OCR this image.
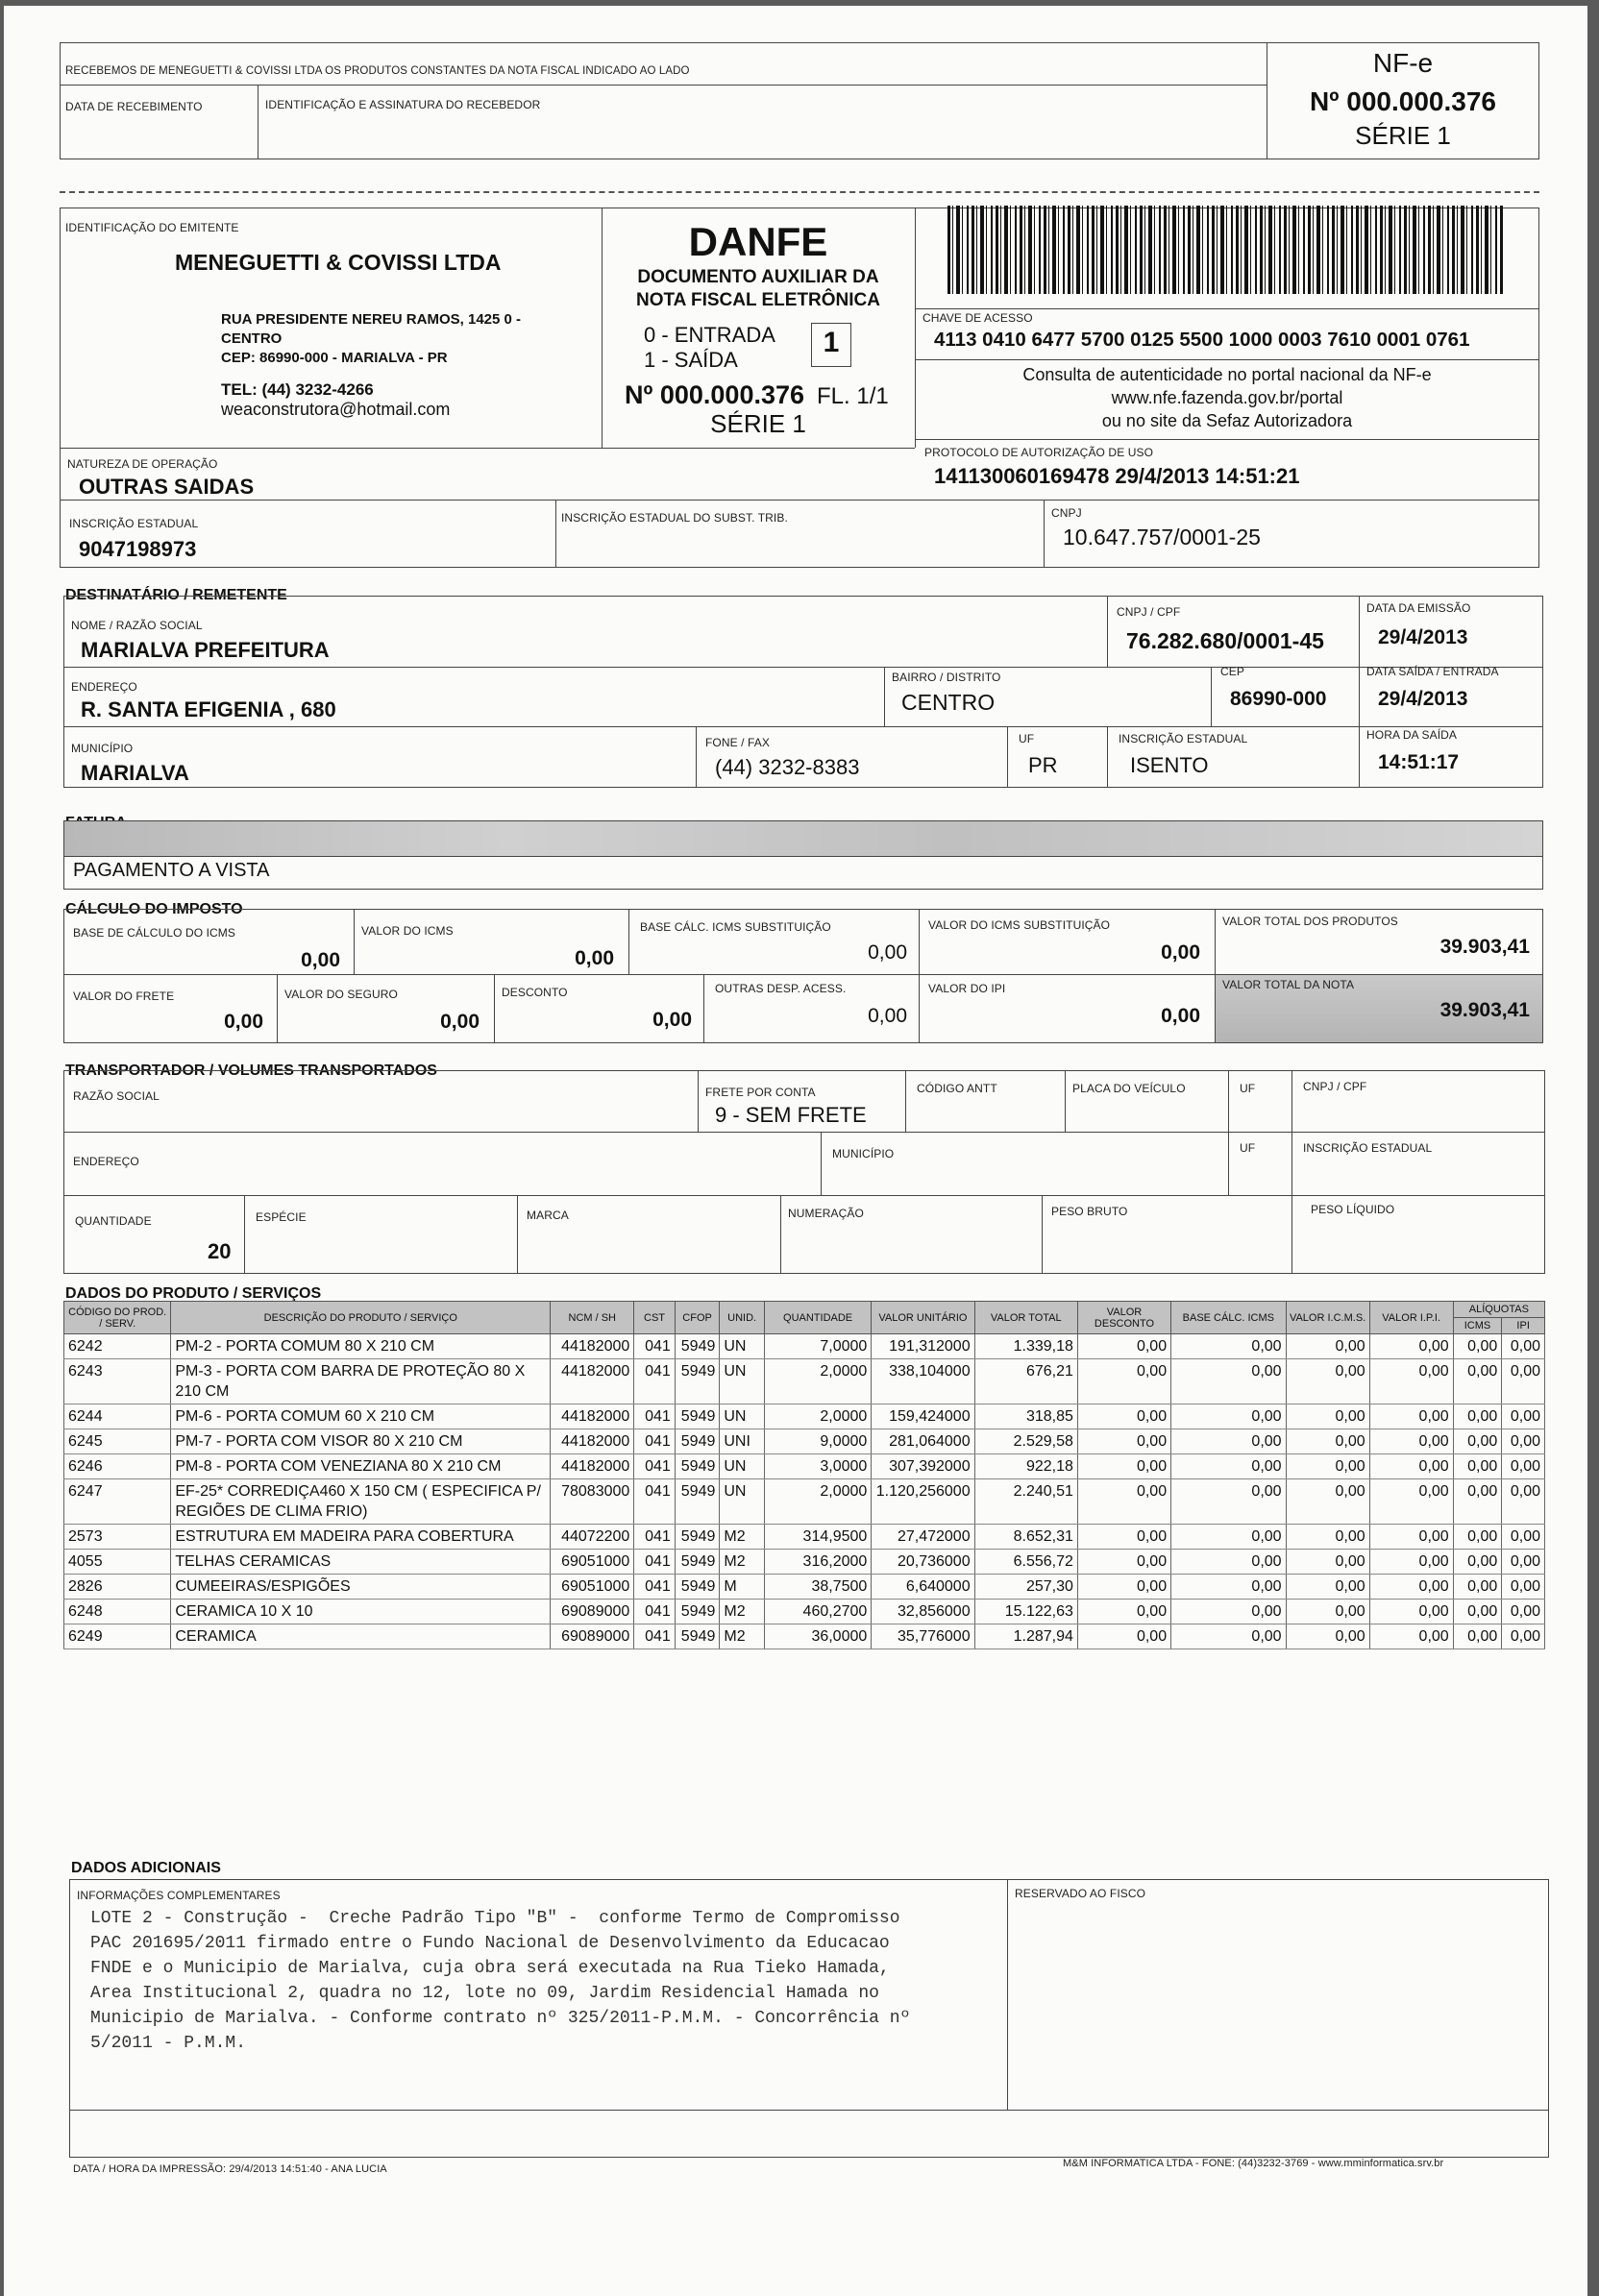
RECEBEMOS DE MENEGUETTI & COVISSI LTDA OS PRODUTOS CONSTANTES DA NOTA FISCAL INDICADO AO LADO
DATA DE RECEBIMENTO	IDENTIFICAÇÃO E ASSINATURA DO RECEBEDOR
NF-e
Nº 000.000.376
SÉRIE 1
IDENTIFICAÇÃO DO EMITENTE
MENEGUETTI & COVISSI LTDA
RUA PRESIDENTE NEREU RAMOS, 1425 0 -
CENTRO
CEP: 86990-000 - MARIALVA - PR
TEL: (44) 3232-4266
weaconstrutora@hotmail.com
DANFE
DOCUMENTO AUXILIAR DA
NOTA FISCAL ELETRÔNICA
0 - ENTRADA
1 - SAÍDA
1
Nº 000.000.376 FL. 1/1
SÉRIE 1
CHAVE DE ACESSO
4113 0410 6477 5700 0125 5500 1000 0003 7610 0001 0761
Consulta de autenticidade no portal nacional da NF-e
www.nfe.fazenda.gov.br/portal
ou no site da Sefaz Autorizadora
NATUREZA DE OPERAÇÃO
OUTRAS SAIDAS
PROTOCOLO DE AUTORIZAÇÃO DE USO
141130060169478 29/4/2013 14:51:21
INSCRIÇÃO ESTADUAL
9047198973
INSCRIÇÃO ESTADUAL DO SUBST. TRIB.	CNPJ
10.647.757/0001-25
DESTINATÁRIO / REMETENTE
NOME / RAZÃO SOCIAL
MARIALVA PREFEITURA
CNPJ / CPF
76.282.680/0001-45
DATA DA EMISSÃO
29/4/2013
ENDEREÇO
R. SANTA EFIGENIA , 680
BAIRRO / DISTRITO
CENTRO
CEP
86990-000
DATA SAÍDA / ENTRADA
29/4/2013
MUNICÍPIO
MARIALVA
FONE / FAX
(44) 3232-8383
UF
PR
INSCRIÇÃO ESTADUAL
ISENTO
HORA DA SAÍDA
14:51:17
PAGAMENTO A VISTA
CÁLCULO DO IMPOSTO
BASE DE CÁLCULO DO ICMS
0,00
VALOR DO ICMS
0,00
BASE CÁLC. ICMS SUBSTITUIÇÃO
0,00
VALOR DO ICMS SUBSTITUIÇÃO
0,00
VALOR TOTAL DOS PRODUTOS
39.903,41
VALOR DO FRETE
0,00
VALOR DO SEGURO
0,00
DESCONTO
0,00
OUTRAS DESP. ACESS.
0,00
VALOR DO IPI
0,00
VALOR TOTAL DA NOTA
39.903,41
TRANSPORTADOR / VOLUMES TRANSPORTADOS
RAZÃO SOCIAL	FRETE POR CONTA
9 - SEM FRETE
CÓDIGO ANTT	PLACA DO VEÍCULO	UF	CNPJ / CPF
ENDEREÇO
MUNICÍPIO	UF	INSCRIÇÃO ESTADUAL
QUANTIDADE
20
ESPÉCIE	MARCA	NUMERAÇÃO	PESO BRUTO	PESO LÍQUIDO
DADOS DO PRODUTO / SERVIÇOS
CÓDIGO DO PROD. / SERV.	DESCRIÇÃO DO PRODUTO / SERVIÇO	NCM / SH	CST	CFOP	UNID.	QUANTIDADE	VALOR UNITÁRIO	VALOR TOTAL	VALOR DESCONTO	BASE CÁLC. ICMS	VALOR I.C.M.S.	VALOR I.P.I.	ALÍQUOTAS	
													ICMS	IPI
6242	PM-2 - PORTA COMUM 80 X 210 CM	44182000	041	5949	UN	7,0000	191,312000	1.339,18	0,00	0,00	0,00	0,00	0,00	0,00
6243	PM-3 - PORTA COM BARRA DE PROTEÇÃO 80 X 210 CM	44182000	041	5949	UN	2,0000	338,104000	676,21	0,00	0,00	0,00	0,00	0,00	0,00
6244	PM-6 - PORTA COMUM 60 X 210 CM	44182000	041	5949	UN	2,0000	159,424000	318,85	0,00	0,00	0,00	0,00	0,00	0,00
6245	PM-7 - PORTA COM VISOR 80 X 210 CM	44182000	041	5949	UNI	9,0000	281,064000	2.529,58	0,00	0,00	0,00	0,00	0,00	0,00
6246	PM-8 - PORTA COM VENEZIANA 80 X 210 CM	44182000	041	5949	UN	3,0000	307,392000	922,18	0,00	0,00	0,00	0,00	0,00	0,00
6247	EF-25* CORREDIÇA460 X 150 CM ( ESPECIFICA P/ REGIÕES DE CLIMA FRIO)	78083000	041	5949	UN	2,0000	1.120,256000	2.240,51	0,00	0,00	0,00	0,00	0,00	0,00
2573	ESTRUTURA EM MADEIRA PARA COBERTURA	44072200	041	5949	M2	314,9500	27,472000	8.652,31	0,00	0,00	0,00	0,00	0,00	0,00
4055	TELHAS CERAMICAS	69051000	041	5949	M2	316,2000	20,736000	6.556,72	0,00	0,00	0,00	0,00	0,00	0,00
2826	CUMEEIRAS/ESPIGÕES	69051000	041	5949	M	38,7500	6,640000	257,30	0,00	0,00	0,00	0,00	0,00	0,00
6248	CERAMICA 10 X 10	69089000	041	5949	M2	460,2700	32,856000	15.122,63	0,00	0,00	0,00	0,00	0,00	0,00
6249	CERAMICA	69089000	041	5949	M2	36,0000	35,776000	1.287,94	0,00	0,00	0,00	0,00	0,00	0,00
DADOS ADICIONAIS
INFORMAÇÕES COMPLEMENTARES
LOTE 2 - Construção -  Creche Padrão Tipo "B" -  conforme Termo de Compromisso
PAC 201695/2011 firmado entre o Fundo Nacional de Desenvolvimento da Educacao
FNDE e o Municipio de Marialva, cuja obra será executada na Rua Tieko Hamada,
Area Institucional 2, quadra no 12, lote no 09, Jardim Residencial Hamada no
Municipio de Marialva. - Conforme contrato nº 325/2011-P.M.M. - Concorrência nº
5/2011 - P.M.M.
RESERVADO AO FISCO
DATA / HORA DA IMPRESSÃO: 29/4/2013 14:51:40 - ANA LUCIA	M&M INFORMATICA LTDA - FONE: (44)3232-3769 - www.mminformatica.srv.br
